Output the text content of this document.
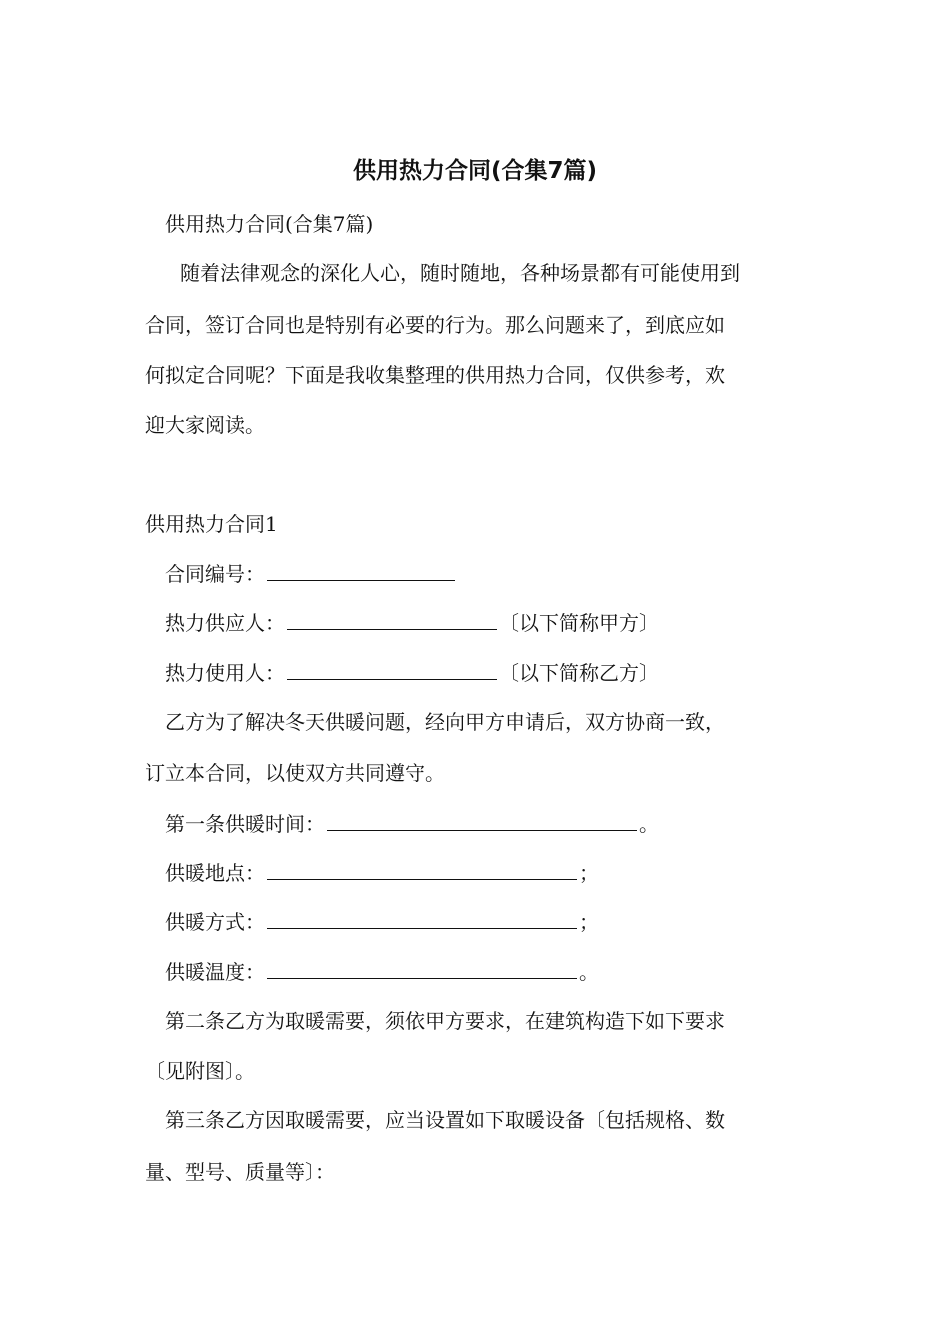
供用热力合同(合集7篇)
供用热力合同(合集7篇)
随着法律观念的深化人心，随时随地，各种场景都有可能使用到
合同，签订合同也是特别有必要的行为。那么问题来了，到底应如
何拟定合同呢？下面是我收集整理的供用热力合同，仅供参考，欢
迎大家阅读。
供用热力合同1
合同编号：
热力供应人：	〔以下简称甲方〕
热力使用人：	〔以下简称乙方〕
乙方为了解决冬天供暖问题，经向甲方申请后，双方协商一致，
订立本合同，以使双方共同遵守。
第一条供暖时间：	。
供暖地点：	；
供暖方式：	；
供暖温度：	。
第二条乙方为取暖需要，须依甲方要求，在建筑构造下如下要求
〔见附图〕。
第三条乙方因取暖需要，应当设置如下取暖设备〔包括规格、数
量、型号、质量等〕：
